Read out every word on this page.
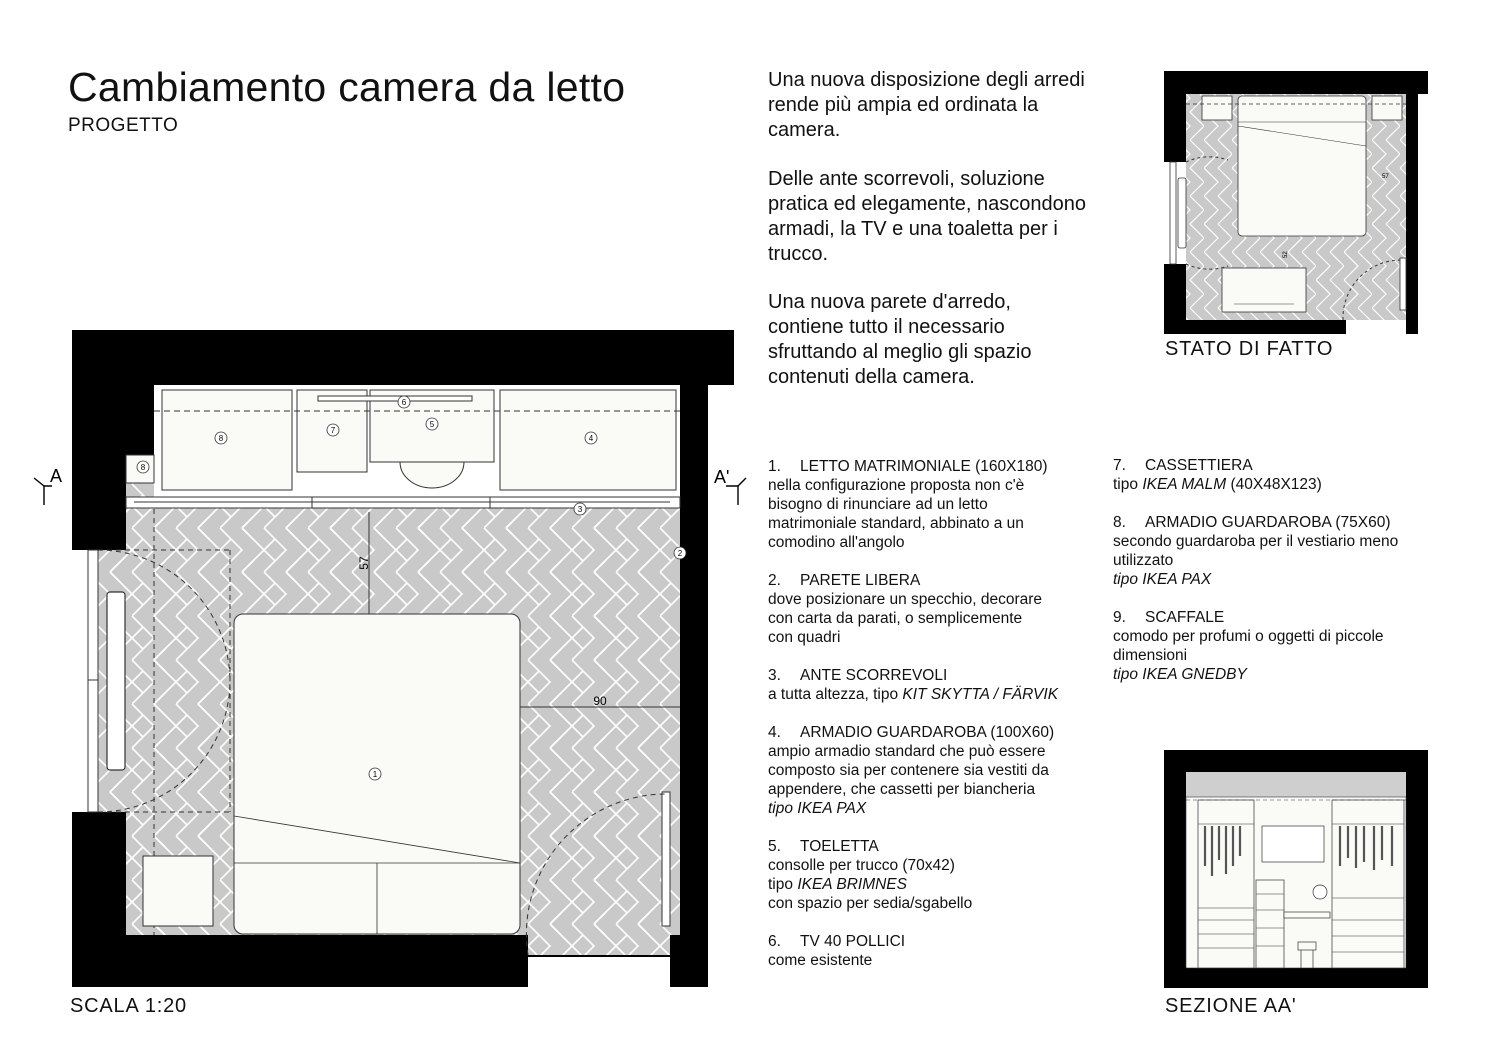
Cambiamento camera da letto
PROGETTO
Una nuova disposizione degli arredi
rende più ampia ed ordinata la
camera.
Delle ante scorrevoli, soluzione
pratica ed elegamente, nascondono
armadi, la TV e una toaletta per i
trucco.
Una nuova parete d'arredo,
contiene tutto il necessario
sfruttando al meglio gli spazio
contenuti della camera.
STATO DI FATTO
SEZIONE AA'
SCALA 1:20
1. LETTO MATRIMONIALE (160X180)
nella configurazione proposta non c'è
bisogno di rinunciare ad un letto
matrimoniale standard, abbinato a un
comodino all'angolo
2. PARETE LIBERA
dove posizionare un specchio, decorare
con carta da parati, o semplicemente
con quadri
3. ANTE SCORREVOLI
a tutta altezza, tipo KIT SKYTTA / FÄRVIK
4. ARMADIO GUARDAROBA (100X60)
ampio armadio standard che può essere
composto sia per contenere sia vestiti da
appendere, che cassetti per biancheria
tipo IKEA PAX
5. TOELETTA
consolle per trucco (70x42)
tipo IKEA BRIMNES
con spazio per sedia/sgabello
6. TV 40 POLLICI
come esistente
7. CASSETTIERA
tipo IKEA MALM (40X48X123)
8. ARMADIO GUARDAROBA (75X60)
secondo guardaroba per il vestiario meno
utilizzato
tipo IKEA PAX
9. SCAFFALE
comodo per profumi o oggetti di piccole
dimensioni
tipo IKEA GNEDBY
57
90
A	A'
1
2
3
4
5
6
7
8
8
57
52
